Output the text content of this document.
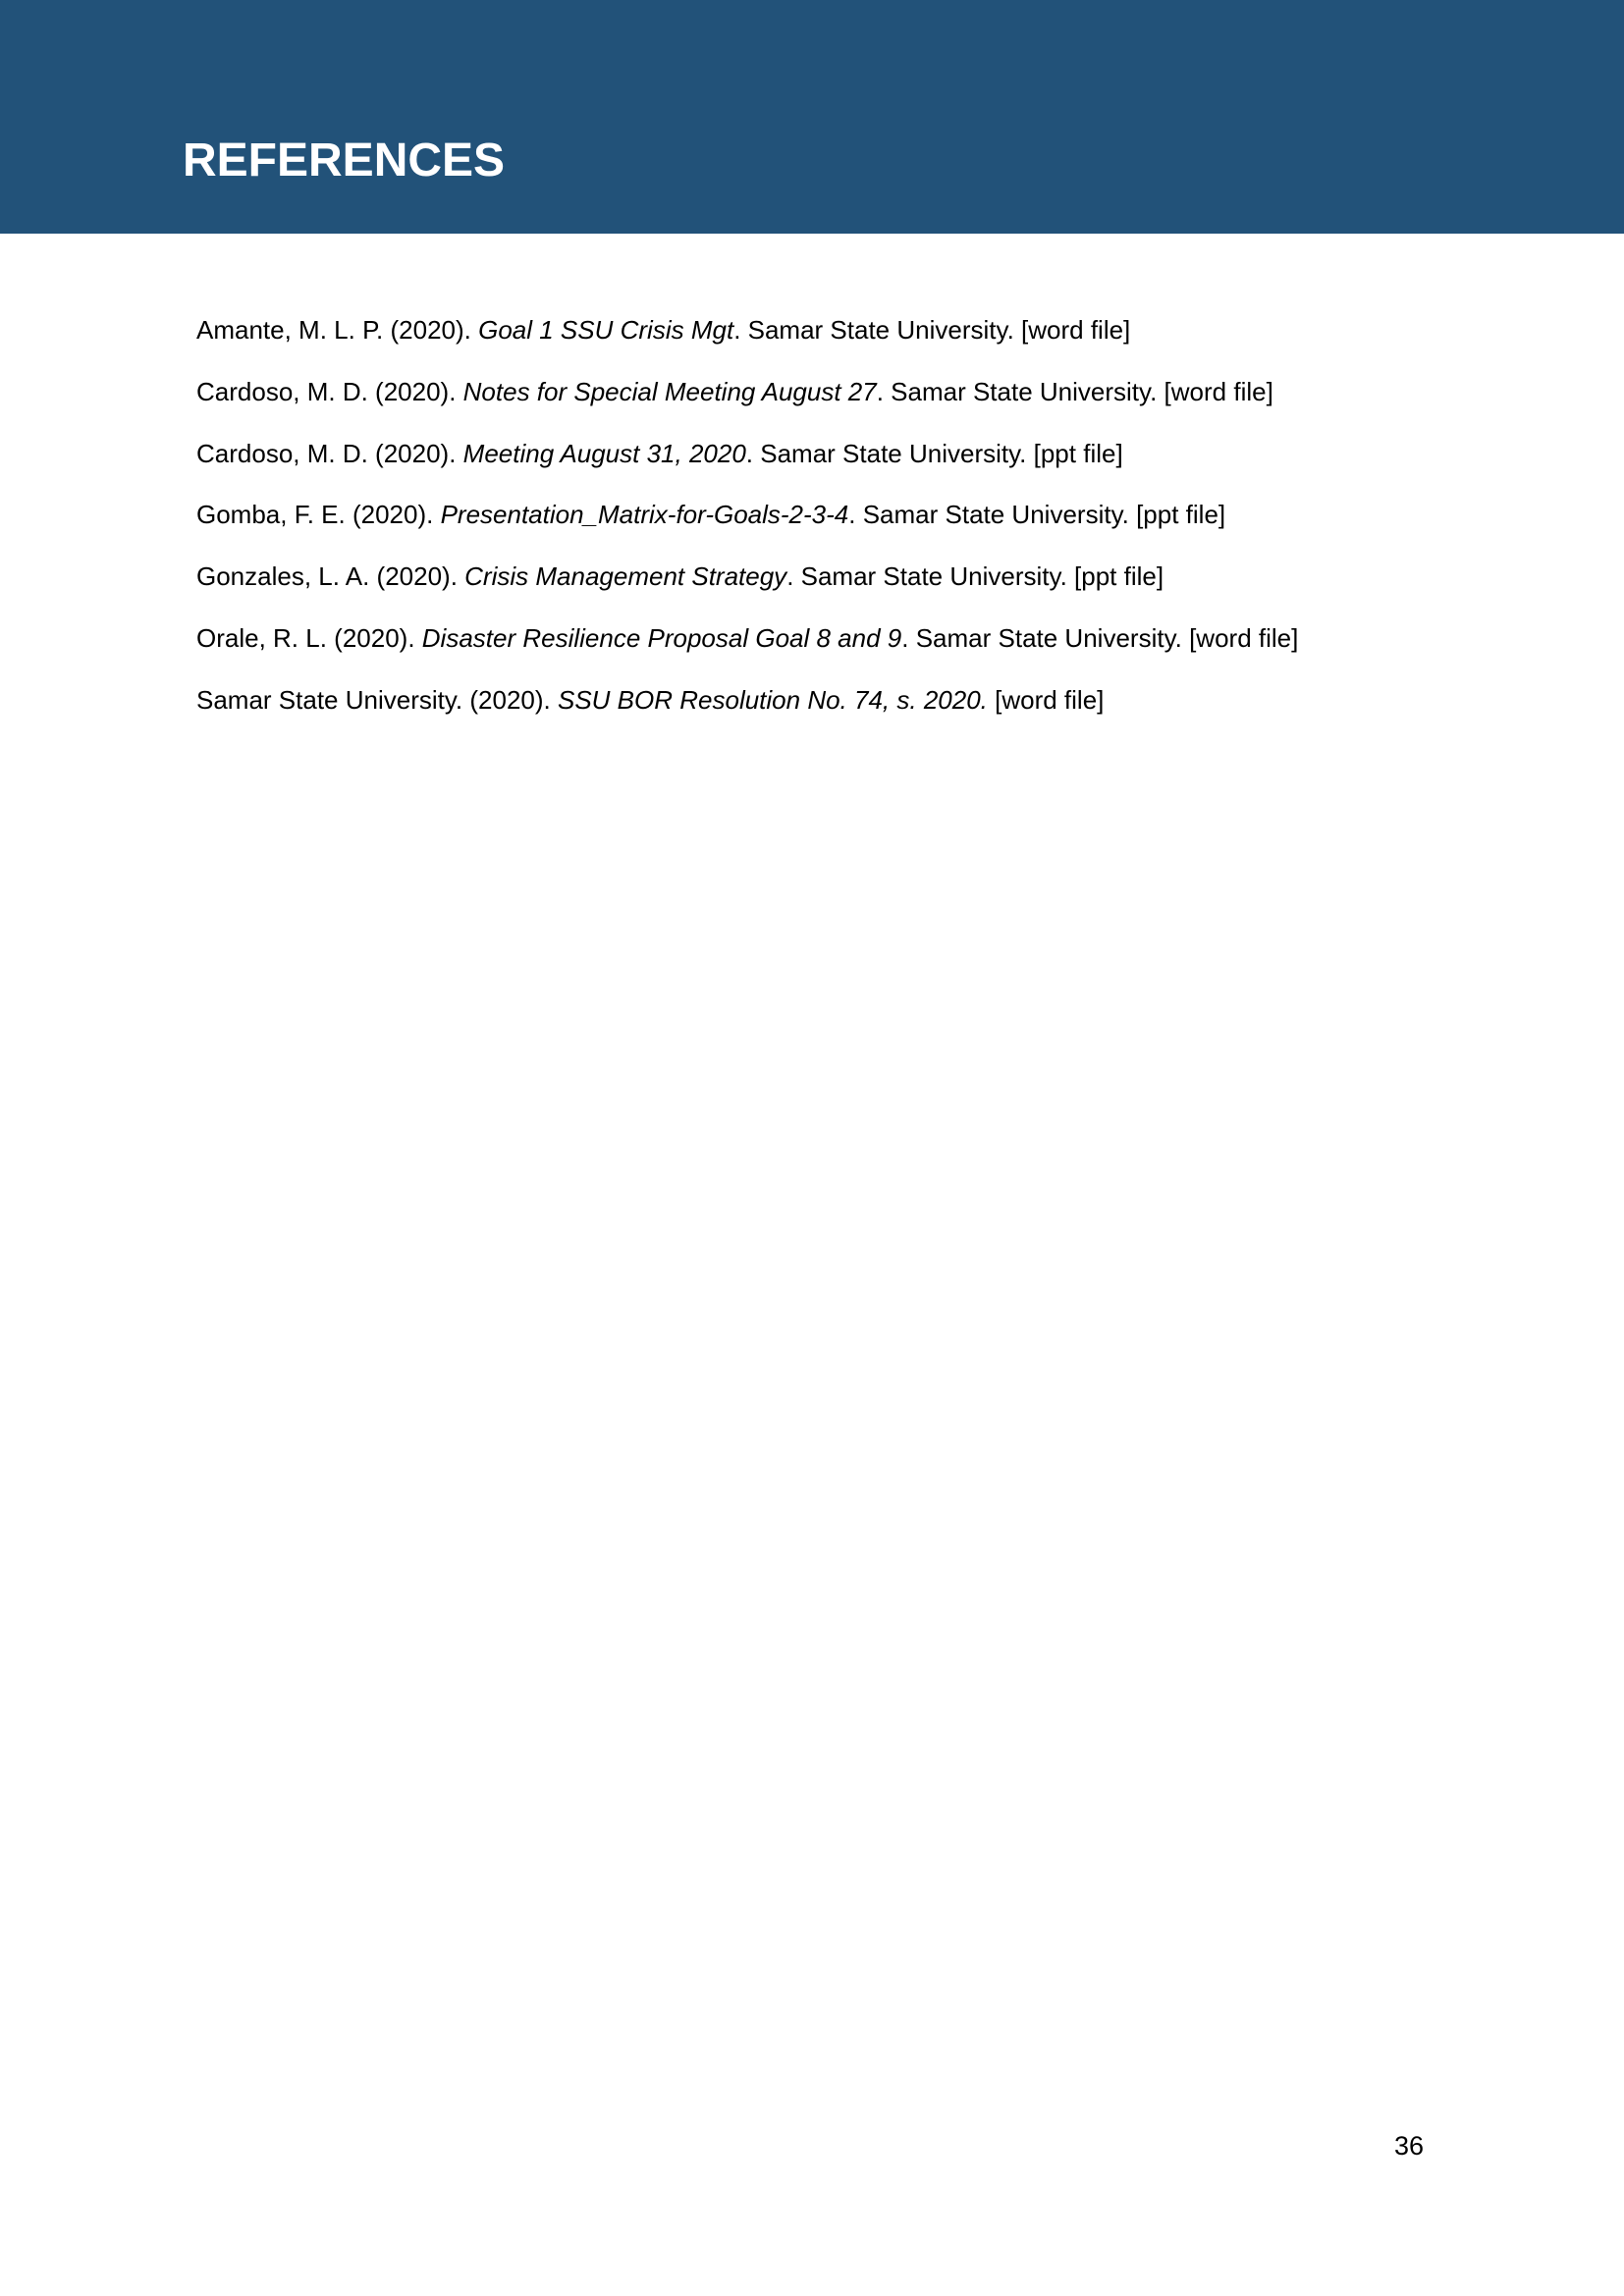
REFERENCES
Amante, M. L. P. (2020). Goal 1 SSU Crisis Mgt. Samar State University. [word file]
Cardoso, M. D. (2020). Notes for Special Meeting August 27. Samar State University. [word file]
Cardoso, M. D. (2020). Meeting August 31, 2020. Samar State University. [ppt file]
Gomba, F. E. (2020). Presentation_Matrix-for-Goals-2-3-4. Samar State University. [ppt file]
Gonzales, L. A. (2020). Crisis Management Strategy. Samar State University. [ppt file]
Orale, R. L. (2020). Disaster Resilience Proposal Goal 8 and 9. Samar State University. [word file]
Samar State University. (2020). SSU BOR Resolution No. 74, s. 2020. [word file]
36
